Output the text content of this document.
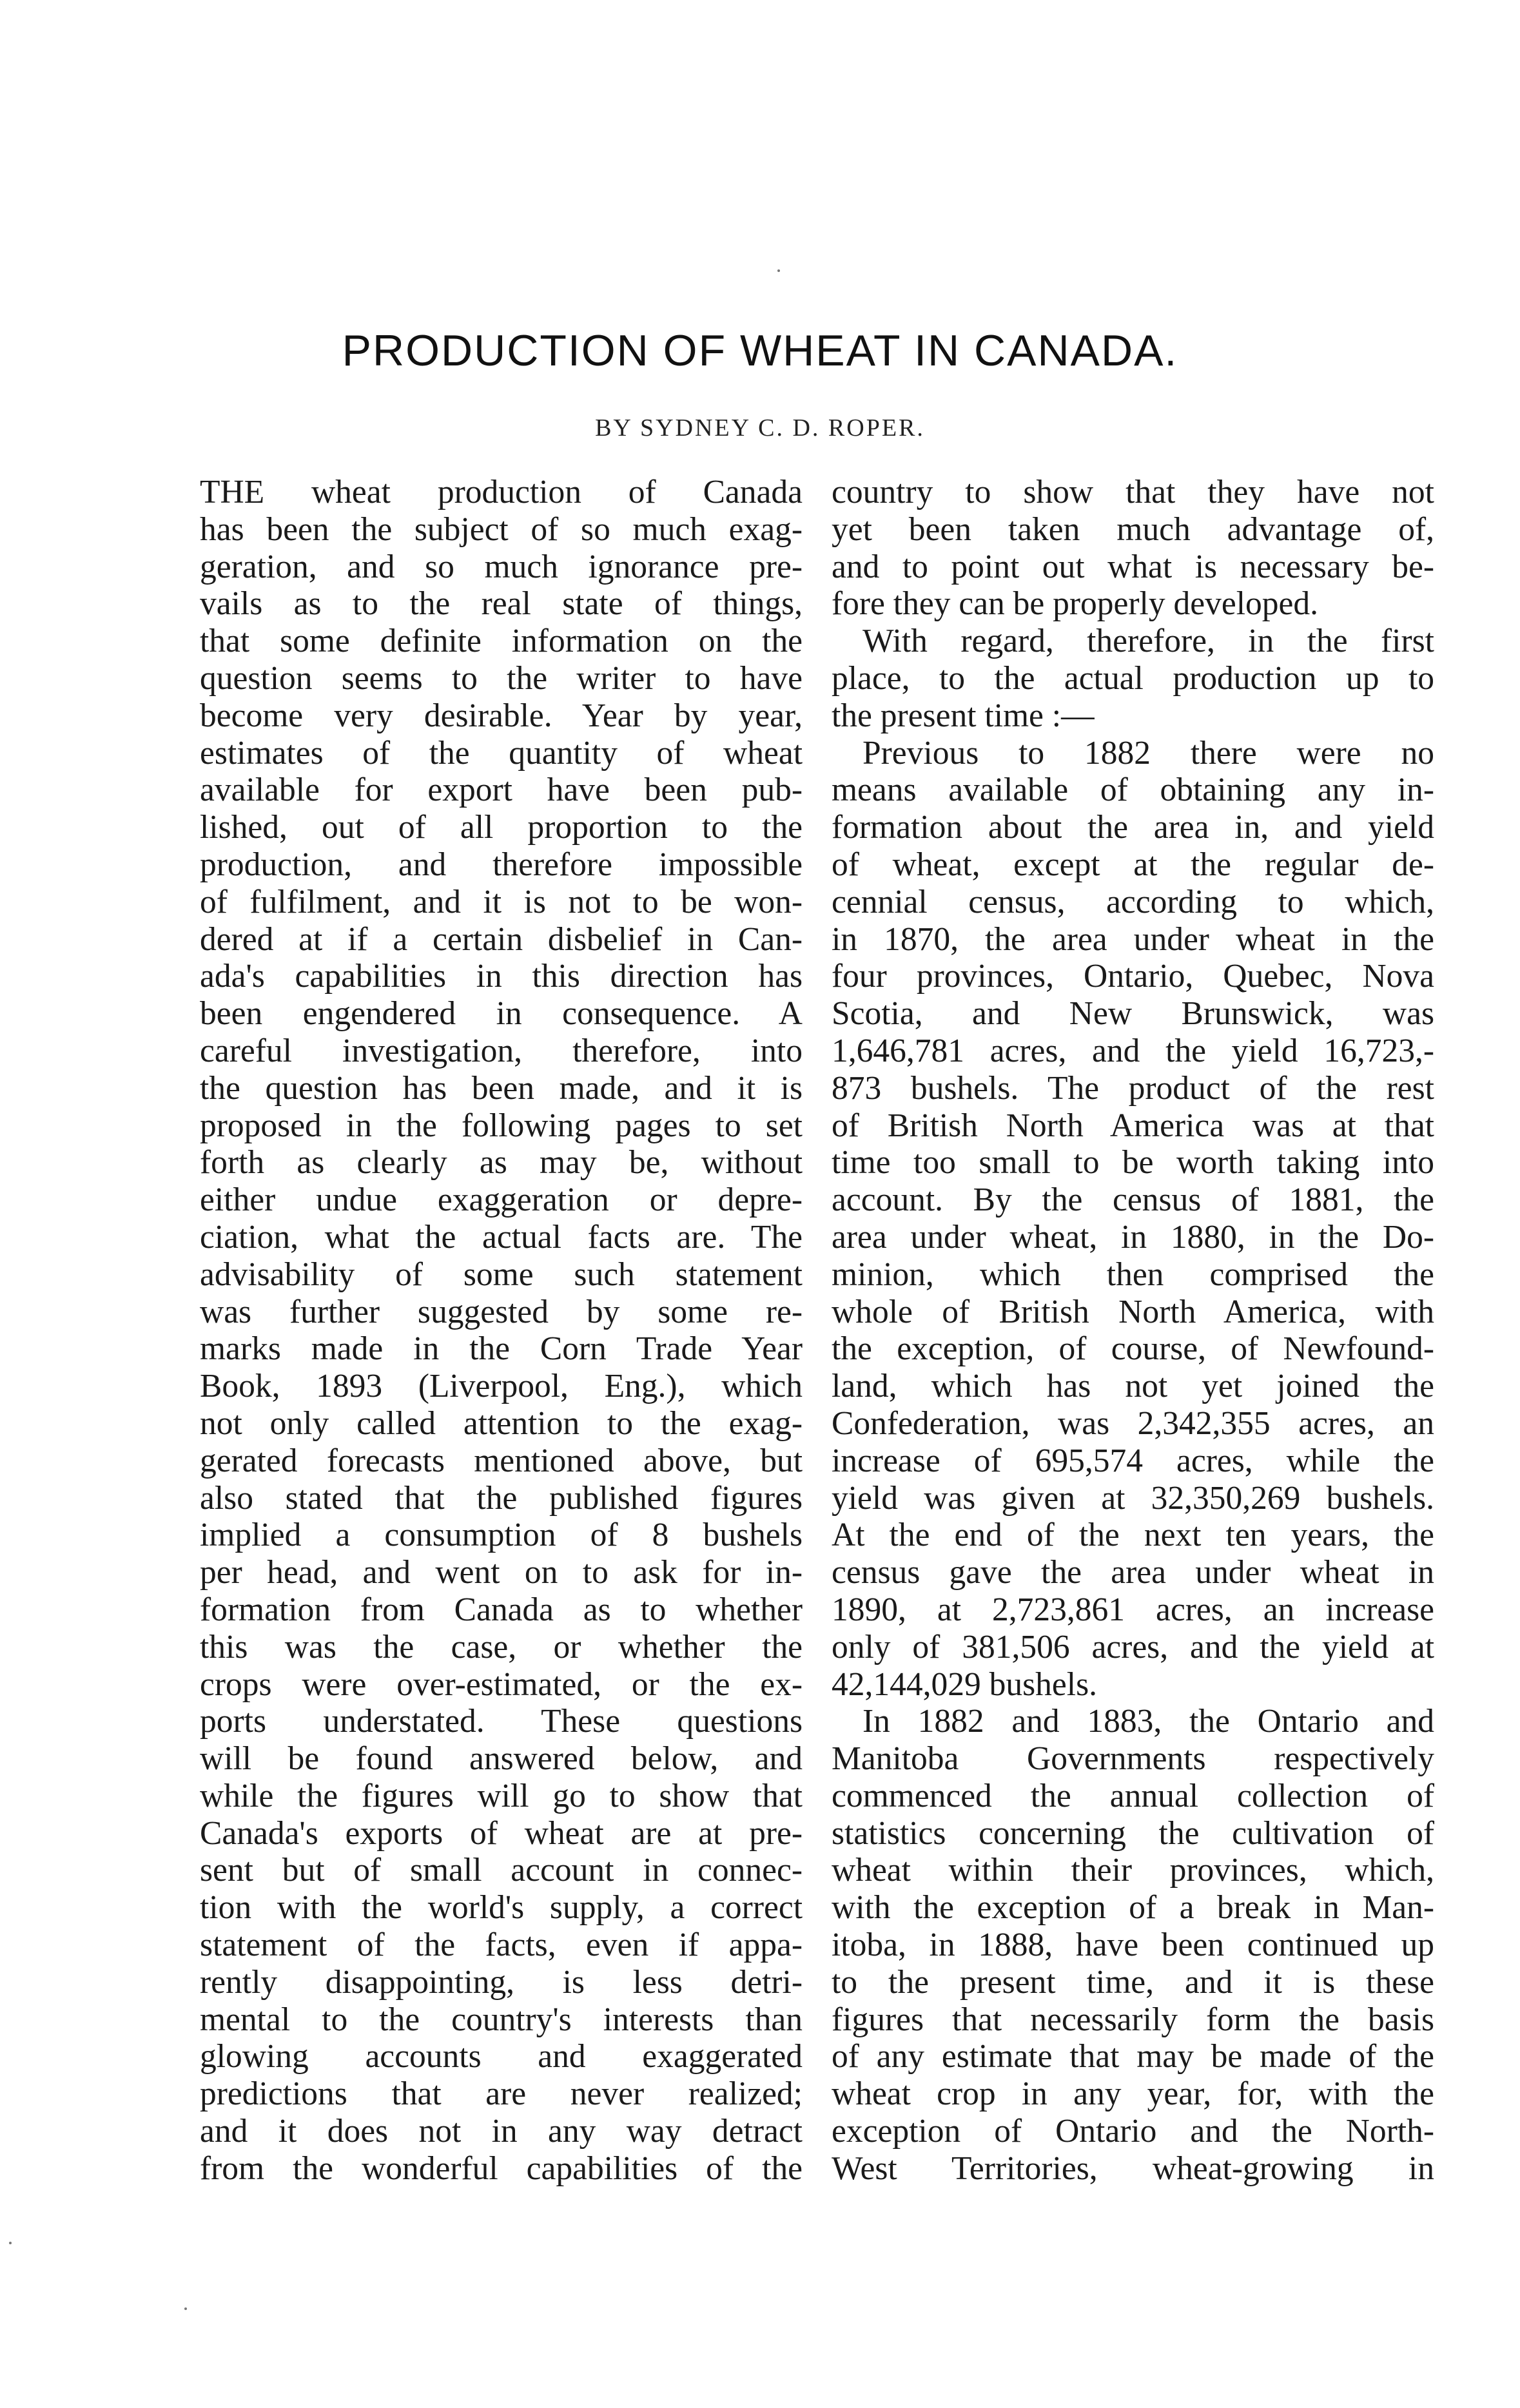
PRODUCTION OF WHEAT IN CANADA.
BY SYDNEY C. D. ROPER.
THE wheat production of Canada
has been the subject of so much exag-
geration, and so much ignorance pre-
vails as to the real state of things,
that some definite information on the
question seems to the writer to have
become very desirable. Year by year,
estimates of the quantity of wheat
available for export have been pub-
lished, out of all proportion to the
production, and therefore impossible
of fulfilment, and it is not to be won-
dered at if a certain disbelief in Can-
ada's capabilities in this direction has
been engendered in consequence. A
careful investigation, therefore, into
the question has been made, and it is
proposed in the following pages to set
forth as clearly as may be, without
either undue exaggeration or depre-
ciation, what the actual facts are. The
advisability of some such statement
was further suggested by some re-
marks made in the Corn Trade Year
Book, 1893 (Liverpool, Eng.), which
not only called attention to the exag-
gerated forecasts mentioned above, but
also stated that the published figures
implied a consumption of 8 bushels
per head, and went on to ask for in-
formation from Canada as to whether
this was the case, or whether the
crops were over-estimated, or the ex-
ports understated. These questions
will be found answered below, and
while the figures will go to show that
Canada's exports of wheat are at pre-
sent but of small account in connec-
tion with the world's supply, a correct
statement of the facts, even if appa-
rently disappointing, is less detri-
mental to the country's interests than
glowing accounts and exaggerated
predictions that are never realized;
and it does not in any way detract
from the wonderful capabilities of the
country to show that they have not
yet been taken much advantage of,
and to point out what is necessary be-
fore they can be properly developed.
With regard, therefore, in the first
place, to the actual production up to
the present time :—
Previous to 1882 there were no
means available of obtaining any in-
formation about the area in, and yield
of wheat, except at the regular de-
cennial census, according to which,
in 1870, the area under wheat in the
four provinces, Ontario, Quebec, Nova
Scotia, and New Brunswick, was
1,646,781 acres, and the yield 16,723,-
873 bushels. The product of the rest
of British North America was at that
time too small to be worth taking into
account. By the census of 1881, the
area under wheat, in 1880, in the Do-
minion, which then comprised the
whole of British North America, with
the exception, of course, of Newfound-
land, which has not yet joined the
Confederation, was 2,342,355 acres, an
increase of 695,574 acres, while the
yield was given at 32,350,269 bushels.
At the end of the next ten years, the
census gave the area under wheat in
1890, at 2,723,861 acres, an increase
only of 381,506 acres, and the yield at
42,144,029 bushels.
In 1882 and 1883, the Ontario and
Manitoba Governments respectively
commenced the annual collection of
statistics concerning the cultivation of
wheat within their provinces, which,
with the exception of a break in Man-
itoba, in 1888, have been continued up
to the present time, and it is these
figures that necessarily form the basis
of any estimate that may be made of the
wheat crop in any year, for, with the
exception of Ontario and the North-
West Territories, wheat-growing in
